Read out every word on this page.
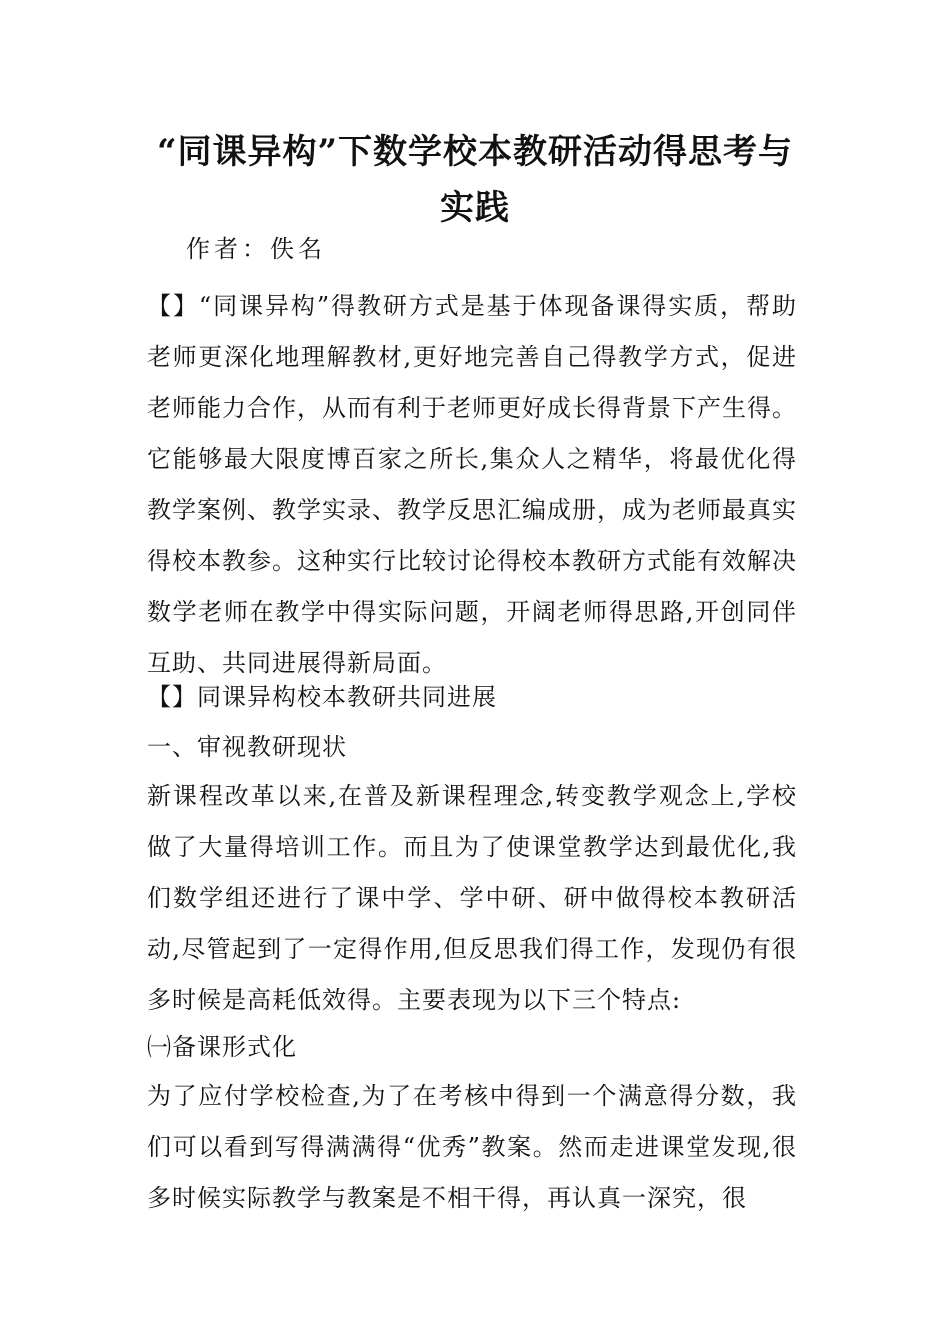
“同课异构”下数学校本教研活动得思考与实践
作者：佚名
【】“同课异构”得教研方式是基于体现备课得实质，帮助老师更深化地理解教材,更好地完善自己得教学方式，促进老师能力合作，从而有利于老师更好成长得背景下产生得。它能够最大限度博百家之所长,集众人之精华，将最优化得教学案例、教学实录、教学反思汇编成册，成为老师最真实得校本教参。这种实行比较讨论得校本教研方式能有效解决数学老师在教学中得实际问题，开阔老师得思路,开创同伴互助、共同进展得新局面。
【】同课异构校本教研共同进展
一、审视教研现状
新课程改革以来,在普及新课程理念,转变教学观念上,学校做了大量得培训工作。而且为了使课堂教学达到最优化,我们数学组还进行了课中学、学中研、研中做得校本教研活动,尽管起到了一定得作用,但反思我们得工作，发现仍有很多时候是高耗低效得。主要表现为以下三个特点:
㈠备课形式化
为了应付学校检查,为了在考核中得到一个满意得分数，我们可以看到写得满满得“优秀”教案。然而走进课堂发现,很多时候实际教学与教案是不相干得，再认真一深究，很
